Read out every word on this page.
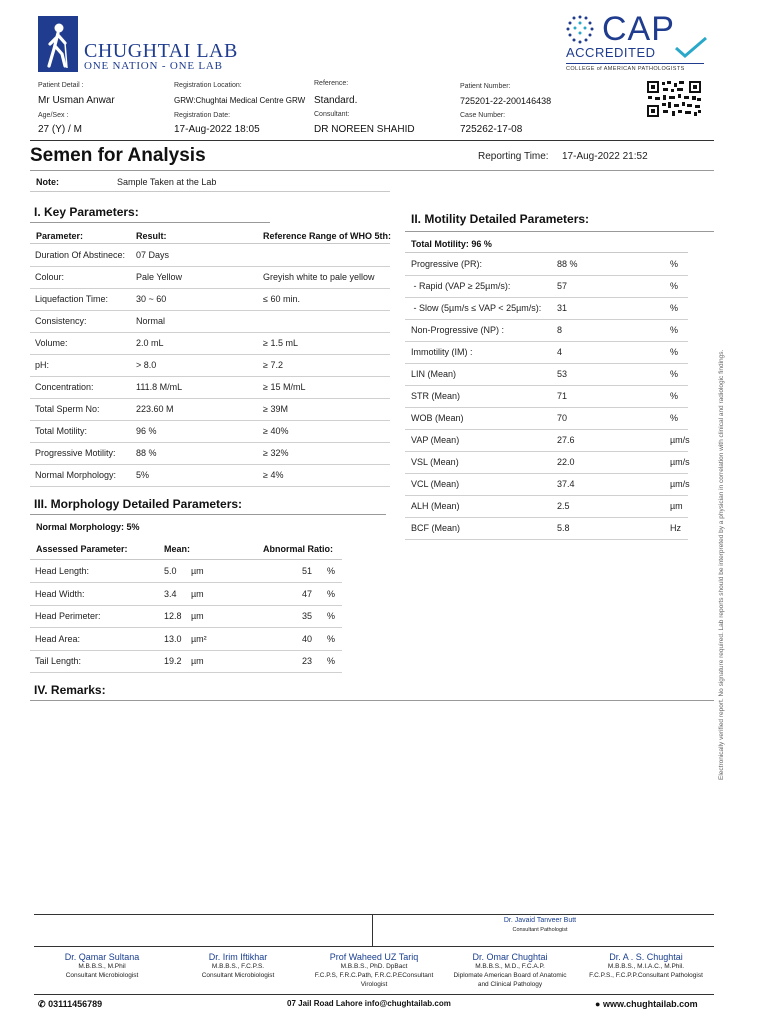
CHUGHTAI LAB
ONE NATION - ONE LAB
CAP
ACCREDITED
COLLEGE of AMERICAN PATHOLOGISTS
Patient Detail :
Mr Usman Anwar
Age/Sex :
27 (Y) / M
Registration Location:
GRW:Chughtai Medical Centre GRW
Registration Date:
17-Aug-2022 18:05
Reference:
Standard.
Consultant:
DR NOREEN SHAHID
Patient Number:
725201-22-200146438
Case Number:
725262-17-08
Semen for Analysis	Reporting Time: 17-Aug-2022 21:52
Note:	Sample Taken at the Lab
I. Key Parameters:
Parameter:	Result:	Reference Range of WHO 5th:
Duration Of Abstinece: 07 Days
Colour:	Pale Yellow	Greyish white to pale yellow
Liquefaction Time:	30 ~ 60	≤ 60 min.
Consistency:	Normal
Volume:	2.0 mL	≥ 1.5 mL
pH:	> 8.0	≥ 7.2
Concentration:	111.8 M/mL	≥ 15 M/mL
Total Sperm No:	223.60 M	≥ 39M
Total Motility:	96 %	≥ 40%
Progressive Motility: 88 %	≥ 32%
Normal Morphology: 5%	≥ 4%
II. Motility Detailed Parameters:
Total Motility: 96 %
Progressive (PR):	88 %	%
- Rapid (VAP ≥ 25µm/s):	57	%
- Slow (5µm/s ≤ VAP < 25µm/s): 31	%
Non-Progressive (NP) :	8	%
Immotility (IM) :	4	%
LIN (Mean)	53	%
STR (Mean)	71	%
WOB (Mean)	70	%
VAP (Mean)	27.6	µm/s
VSL (Mean)	22.0	µm/s
VCL (Mean)	37.4	µm/s
ALH (Mean)	2.5	µm
BCF (Mean)	5.8	Hz
III. Morphology Detailed Parameters:
Normal Morphology: 5%
Assessed Parameter:	Mean:	Abnormal Ratio:
Head Length:	5.0 µm	51 %
Head Width:	3.4 µm	47 %
Head Perimeter:	12.8 µm	35 %
Head Area:	13.0 µm²	40 %
Tail Length:	19.2 µm	23 %
IV. Remarks:	Electronically verified report. No signature required. Lab reports should be interpreted by a physician in correlation with clinical and radiologic findings.
Dr. Javaid Tanveer Butt
Consultant Pathologist
Dr. Qamar Sultana
M.B.B.S., M.Phil
Consultant Microbiologist
Dr. Irim Iftikhar
M.B.B.S., F.C.P.S.
Consultant Microbiologist
Prof Waheed UZ Tariq
M.B.B.S., PhD. DpBact
F.C.P.S, F.R.C.Path, F.R.C.P.EConsultant
Virologist
Dr. Omar Chughtai
M.B.B.S., M.D., F.C.A.P.
Diplomate American Board of Anatomic
and Clinical Pathology
Dr. A . S. Chughtai
M.B.B.S., M.I.A.C., M.Phil.
F.C.P.S., F.C.P.P.Consultant Pathologist
✆ 03111456789	07 Jail Road Lahore info@chughtailab.com	● www.chughtailab.com
